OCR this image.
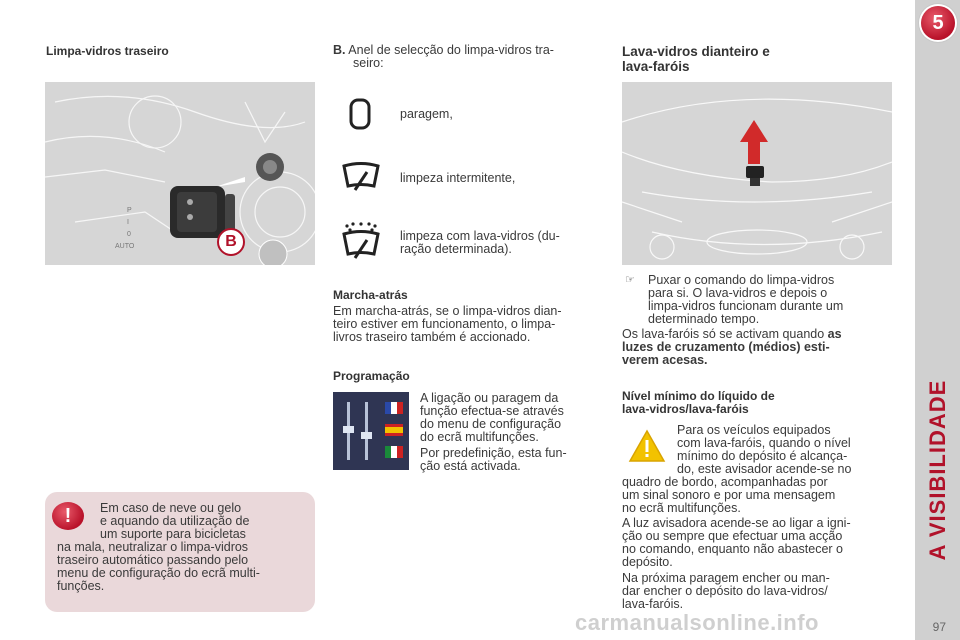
Limpa-vidros traseiro
P
I
0
AUTO	B
!	Em caso de neve ou gelo
e aquando da utilização de
um suporte para bicicletas
na mala, neutralizar o limpa-vidros
traseiro automático passando pelo
menu de configuração do ecrã multi-
funções.
B. Anel de selecção do limpa-vidros tra-
seiro:
paragem,
limpeza intermitente,
limpeza com lava-vidros (du-
ração determinada).
Marcha-atrás
Em marcha-atrás, se o limpa-vidros dian-
teiro estiver em funcionamento, o limpa-
livros traseiro também é accionado.
Programação
A ligação ou paragem da
função efectua-se através
do menu de configuração
do ecrã multifunções.
Por predefinição, esta fun-
ção está activada.
Lava-vidros dianteiro e
lava-faróis
☞ Puxar o comando do limpa-vidros
para si. O lava-vidros e depois o
limpa-vidros funcionam durante um
determinado tempo.
Os lava-faróis só se activam quando as
luzes de cruzamento (médios) esti-
verem acesas.
Nível mínimo do líquido de
lava-vidros/lava-faróis
Para os veículos equipados
com lava-faróis, quando o nível
mínimo do depósito é alcança-
do, este avisador acende-se no
quadro de bordo, acompanhadas por
um sinal sonoro e por uma mensagem
no ecrã multifunções.
A luz avisadora acende-se ao ligar a igni-
ção ou sempre que efectuar uma acção
no comando, enquanto não abastecer o
depósito.
Na próxima paragem encher ou man-
dar encher o depósito do lava-vidros/
lava-faróis.
5
A VISIBILIDADE
carmanualsonline.info	97
